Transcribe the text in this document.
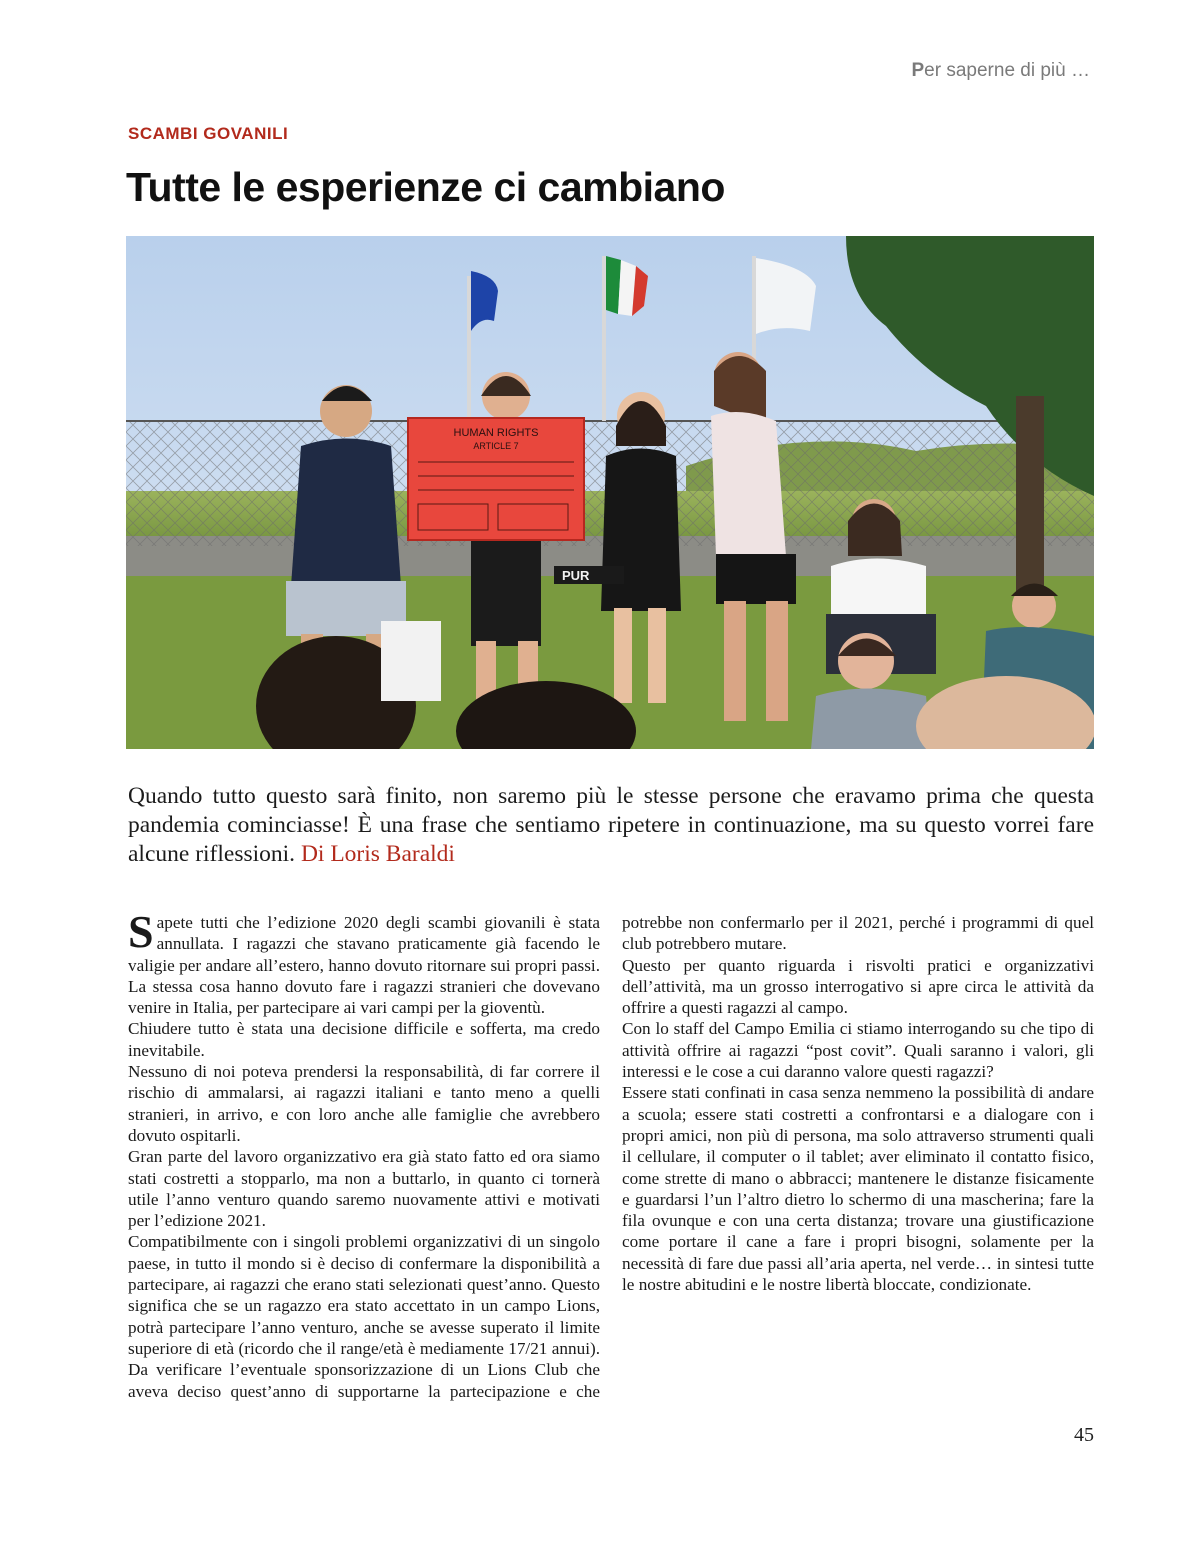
Per saperne di più …
SCAMBI GOVANILI
Tutte le esperienze ci cambiano
HUMAN RIGHTS
ARTICLE 7
PUR

Quando tutto questo sarà finito, non saremo più le stesse persone che eravamo prima che questa pandemia cominciasse! È una frase che sentiamo ripetere in continuazione, ma su questo vorrei fare alcune riflessioni. Di Loris Baraldi

Sapete tutti che l’edizione 2020 degli scambi giovanili è stata annullata. I ragazzi che stavano praticamente già facendo le valigie per andare all’estero, hanno dovuto ritornare sui propri passi. La stessa cosa hanno dovuto fare i ragazzi stranieri che dovevano venire in Italia, per partecipare ai vari campi per la gioventù.

Chiudere tutto è stata una decisione difficile e sofferta, ma credo inevitabile.

Nessuno di noi poteva prendersi la responsabilità, di far correre il rischio di ammalarsi, ai ragazzi italiani e tanto meno a quelli stranieri, in arrivo, e con loro anche alle famiglie che avrebbero dovuto ospitarli.

Gran parte del lavoro organizzativo era già stato fatto ed ora siamo stati costretti a stopparlo, ma non a buttarlo, in quanto ci tornerà utile l’anno venturo quando saremo nuovamente attivi e motivati per l’edizione 2021.

Compatibilmente con i singoli problemi organizzativi di un singolo paese, in tutto il mondo si è deciso di confermare la disponibilità a partecipare, ai ragazzi che erano stati selezionati quest’anno. Questo significa che se un ragazzo era stato accettato in un campo Lions, potrà partecipare l’anno venturo, anche se avesse superato il limite superiore di età (ricordo che il range/età è mediamente 17/21 annui). Da verificare l’eventuale sponsorizzazione di un Lions Club che aveva deciso quest’anno di supportarne la partecipazione e che potrebbe non confermarlo per il 2021, perché i programmi di quel club potrebbero mutare.

Questo per quanto riguarda i risvolti pratici e organizzativi dell’attività, ma un grosso interrogativo si apre circa le attività da offrire a questi ragazzi al campo.

Con lo staff del Campo Emilia ci stiamo interrogando su che tipo di attività offrire ai ragazzi “post covit”. Quali saranno i valori, gli interessi e le cose a cui daranno valore questi ragazzi?

Essere stati confinati in casa senza nemmeno la possibilità di andare a scuola; essere stati costretti a confrontarsi e a dialogare con i propri amici, non più di persona, ma solo attraverso strumenti quali il cellulare, il computer o il tablet; aver eliminato il contatto fisico, come strette di mano o abbracci; mantenere le distanze fisicamente e guardarsi l’un l’altro dietro lo schermo di una mascherina; fare la fila ovunque e con una certa distanza; trovare una giustificazione come portare il cane a fare i propri bisogni, solamente per la necessità di fare due passi all’aria aperta, nel verde… in sintesi tutte le nostre abitudini e le nostre libertà bloccate, condizionate.

45
